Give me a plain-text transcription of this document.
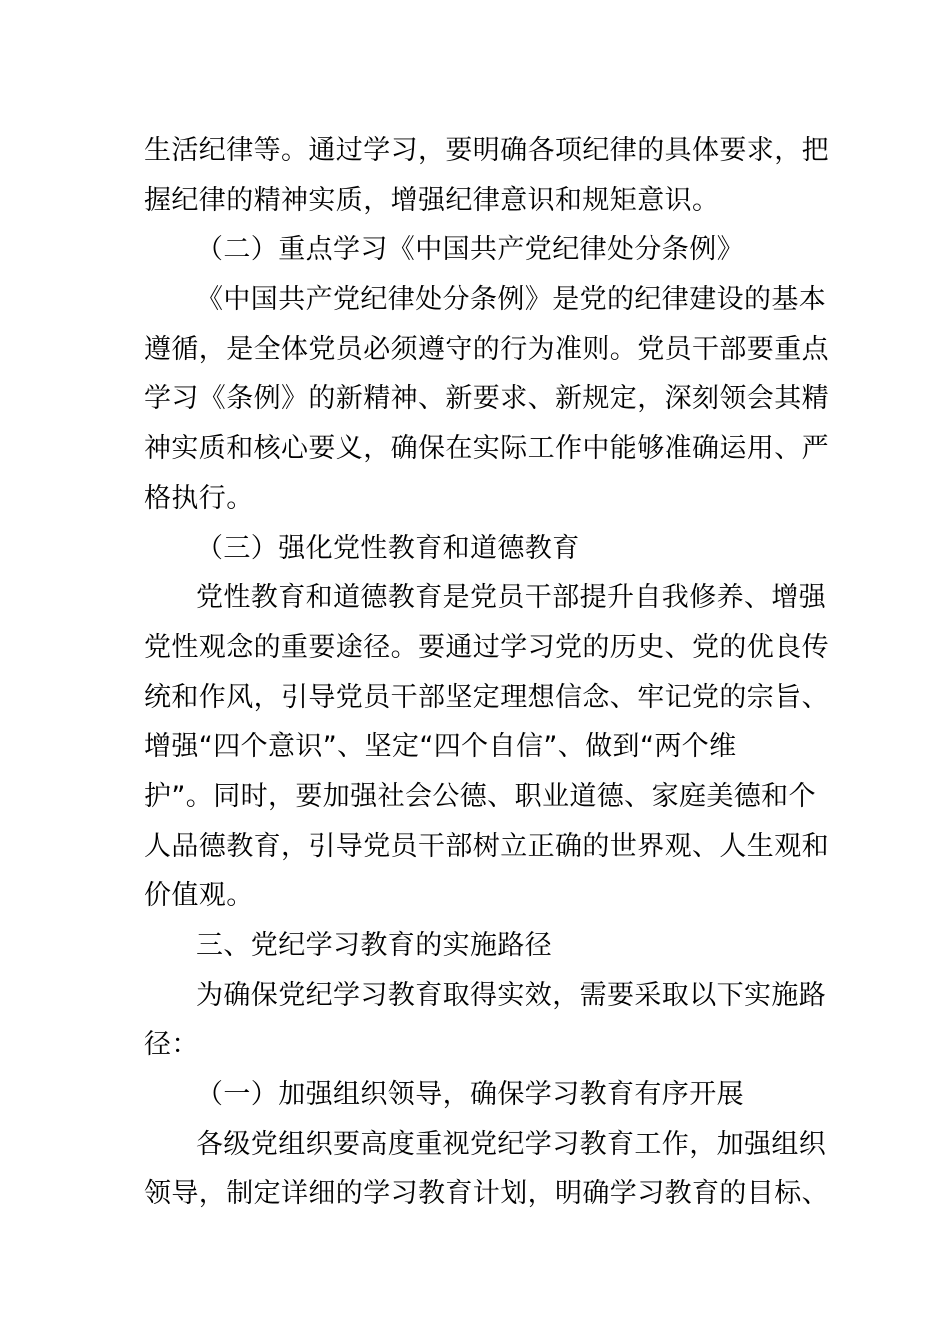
生活纪律等。通过学习，要明确各项纪律的具体要求，把
握纪律的精神实质，增强纪律意识和规矩意识。
（二）重点学习《中国共产党纪律处分条例》
《中国共产党纪律处分条例》是党的纪律建设的基本
遵循，是全体党员必须遵守的行为准则。党员干部要重点
学习《条例》的新精神、新要求、新规定，深刻领会其精
神实质和核心要义，确保在实际工作中能够准确运用、严
格执行。
（三）强化党性教育和道德教育
党性教育和道德教育是党员干部提升自我修养、增强
党性观念的重要途径。要通过学习党的历史、党的优良传
统和作风，引导党员干部坚定理想信念、牢记党的宗旨、
增强“四个意识”、坚定“四个自信”、做到“两个维
护”。同时，要加强社会公德、职业道德、家庭美德和个
人品德教育，引导党员干部树立正确的世界观、人生观和
价值观。
三、党纪学习教育的实施路径
为确保党纪学习教育取得实效，需要采取以下实施路
径：
（一）加强组织领导，确保学习教育有序开展
各级党组织要高度重视党纪学习教育工作，加强组织
领导，制定详细的学习教育计划，明确学习教育的目标、
